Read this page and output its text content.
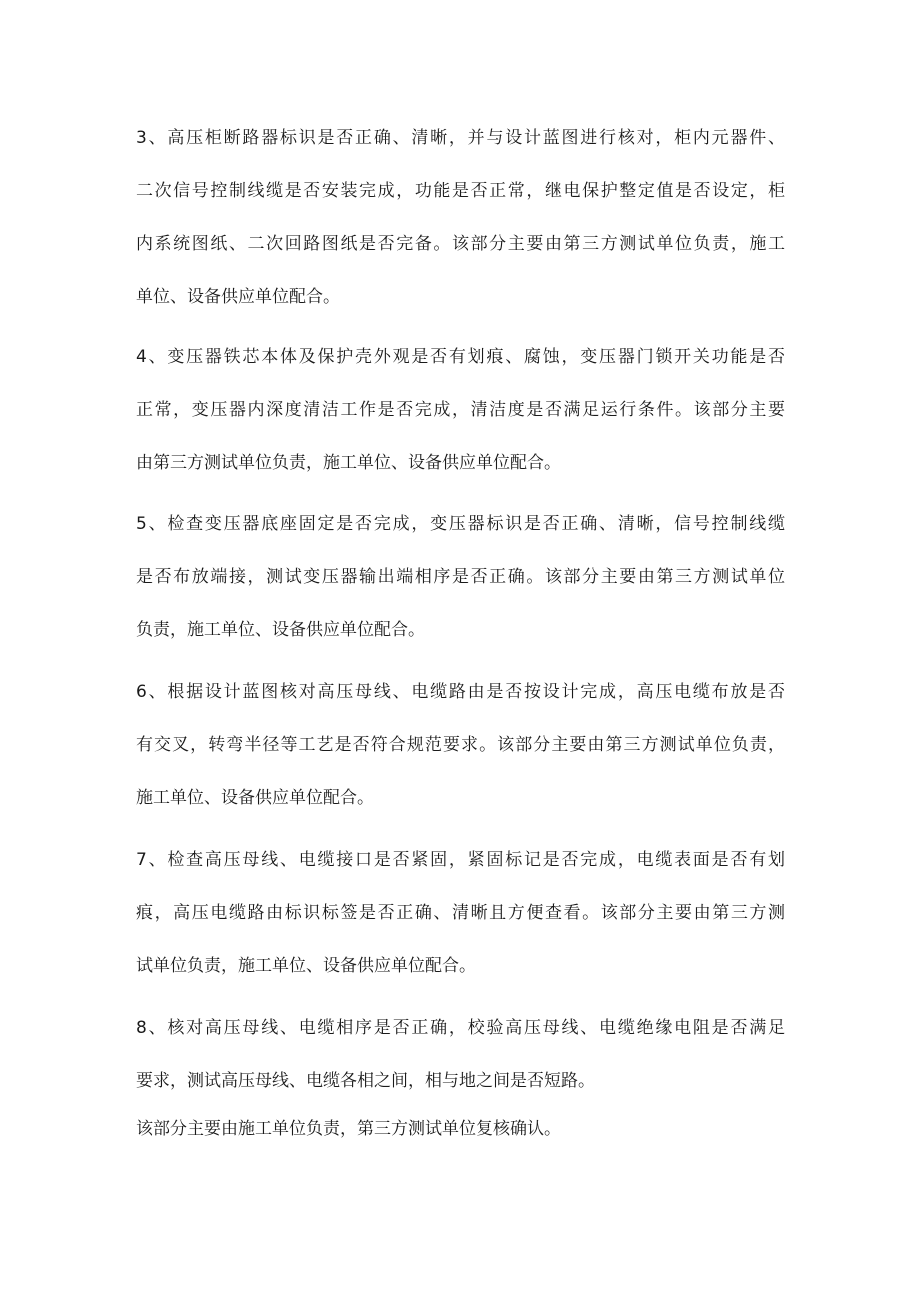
3、高压柜断路器标识是否正确、清晰，并与设计蓝图进行核对，柜内元器件、
二次信号控制线缆是否安装完成，功能是否正常，继电保护整定值是否设定，柜
内系统图纸、二次回路图纸是否完备。该部分主要由第三方测试单位负责，施工
单位、设备供应单位配合。
4、变压器铁芯本体及保护壳外观是否有划痕、腐蚀，变压器门锁开关功能是否
正常，变压器内深度清洁工作是否完成，清洁度是否满足运行条件。该部分主要
由第三方测试单位负责，施工单位、设备供应单位配合。
5、检查变压器底座固定是否完成，变压器标识是否正确、清晰，信号控制线缆
是否布放端接，测试变压器输出端相序是否正确。该部分主要由第三方测试单位
负责，施工单位、设备供应单位配合。
6、根据设计蓝图核对高压母线、电缆路由是否按设计完成，高压电缆布放是否
有交叉，转弯半径等工艺是否符合规范要求。该部分主要由第三方测试单位负责，
施工单位、设备供应单位配合。
7、检查高压母线、电缆接口是否紧固，紧固标记是否完成，电缆表面是否有划
痕，高压电缆路由标识标签是否正确、清晰且方便查看。该部分主要由第三方测
试单位负责，施工单位、设备供应单位配合。
8、核对高压母线、电缆相序是否正确，校验高压母线、电缆绝缘电阻是否满足
要求，测试高压母线、电缆各相之间，相与地之间是否短路。
该部分主要由施工单位负责，第三方测试单位复核确认。
